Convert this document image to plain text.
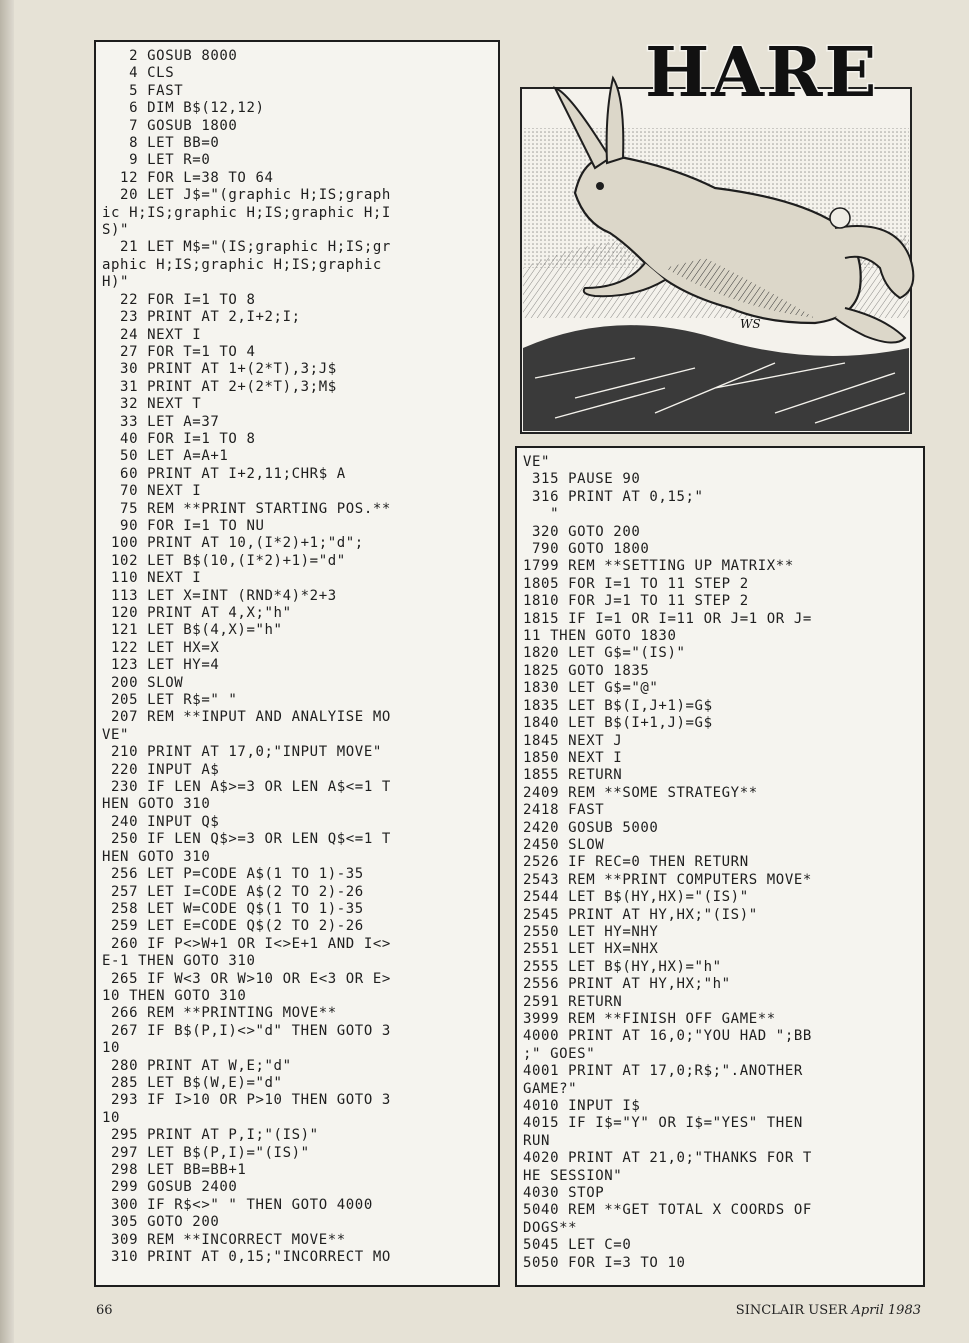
2 GOSUB 8000
4 CLS
5 FAST
6 DIM B$(12,12)
7 GOSUB 1800
8 LET BB=0
9 LET R=0
12 FOR L=38 TO 64
20 LET J$="(graphic H;IS;graph
ic H;IS;graphic H;IS;graphic H;I
S)"
21 LET M$="(IS;graphic H;IS;gr
aphic H;IS;graphic H;IS;graphic
H)"
22 FOR I=1 TO 8
23 PRINT AT 2,I+2;I;
24 NEXT I
27 FOR T=1 TO 4
30 PRINT AT 1+(2*T),3;J$
31 PRINT AT 2+(2*T),3;M$
32 NEXT T
33 LET A=37
40 FOR I=1 TO 8
50 LET A=A+1
60 PRINT AT I+2,11;CHR$ A
70 NEXT I
75 REM **PRINT STARTING POS.**
90 FOR I=1 TO NU
100 PRINT AT 10,(I*2)+1;"d";
102 LET B$(10,(I*2)+1)="d"
110 NEXT I
113 LET X=INT (RND*4)*2+3
120 PRINT AT 4,X;"h"
121 LET B$(4,X)="h"
122 LET HX=X
123 LET HY=4
200 SLOW
205 LET R$=" "
207 REM **INPUT AND ANALYISE MO
VE"
210 PRINT AT 17,0;"INPUT MOVE"
220 INPUT A$
230 IF LEN A$>=3 OR LEN A$<=1 T
HEN GOTO 310
240 INPUT Q$
250 IF LEN Q$>=3 OR LEN Q$<=1 T
HEN GOTO 310
256 LET P=CODE A$(1 TO 1)-35
257 LET I=CODE A$(2 TO 2)-26
258 LET W=CODE Q$(1 TO 1)-35
259 LET E=CODE Q$(2 TO 2)-26
260 IF P<>W+1 OR I<>E+1 AND I<>
E-1 THEN GOTO 310
265 IF W<3 OR W>10 OR E<3 OR E>
10 THEN GOTO 310
266 REM **PRINTING MOVE**
267 IF B$(P,I)<>"d" THEN GOTO 3
10
280 PRINT AT W,E;"d"
285 LET B$(W,E)="d"
293 IF I>10 OR P>10 THEN GOTO 3
10
295 PRINT AT P,I;"(IS)"
297 LET B$(P,I)="(IS)"
298 LET BB=BB+1
299 GOSUB 2400
300 IF R$<>" " THEN GOTO 4000
305 GOTO 200
309 REM **INCORRECT MOVE**
310 PRINT AT 0,15;"INCORRECT MO
WS
HARE
VE"
315 PAUSE 90
316 PRINT AT 0,15;"
"
320 GOTO 200
790 GOTO 1800
1799 REM **SETTING UP MATRIX**
1805 FOR I=1 TO 11 STEP 2
1810 FOR J=1 TO 11 STEP 2
1815 IF I=1 OR I=11 OR J=1 OR J=
11 THEN GOTO 1830
1820 LET G$="(IS)"
1825 GOTO 1835
1830 LET G$="@"
1835 LET B$(I,J+1)=G$
1840 LET B$(I+1,J)=G$
1845 NEXT J
1850 NEXT I
1855 RETURN
2409 REM **SOME STRATEGY**
2418 FAST
2420 GOSUB 5000
2450 SLOW
2526 IF REC=0 THEN RETURN
2543 REM **PRINT COMPUTERS MOVE*
2544 LET B$(HY,HX)="(IS)"
2545 PRINT AT HY,HX;"(IS)"
2550 LET HY=NHY
2551 LET HX=NHX
2555 LET B$(HY,HX)="h"
2556 PRINT AT HY,HX;"h"
2591 RETURN
3999 REM **FINISH OFF GAME**
4000 PRINT AT 16,0;"YOU HAD ";BB
;" GOES"
4001 PRINT AT 17,0;R$;".ANOTHER
GAME?"
4010 INPUT I$
4015 IF I$="Y" OR I$="YES" THEN
RUN
4020 PRINT AT 21,0;"THANKS FOR T
HE SESSION"
4030 STOP
5040 REM **GET TOTAL X COORDS OF
DOGS**
5045 LET C=0
5050 FOR I=3 TO 10
66	SINCLAIR USER April 1983
